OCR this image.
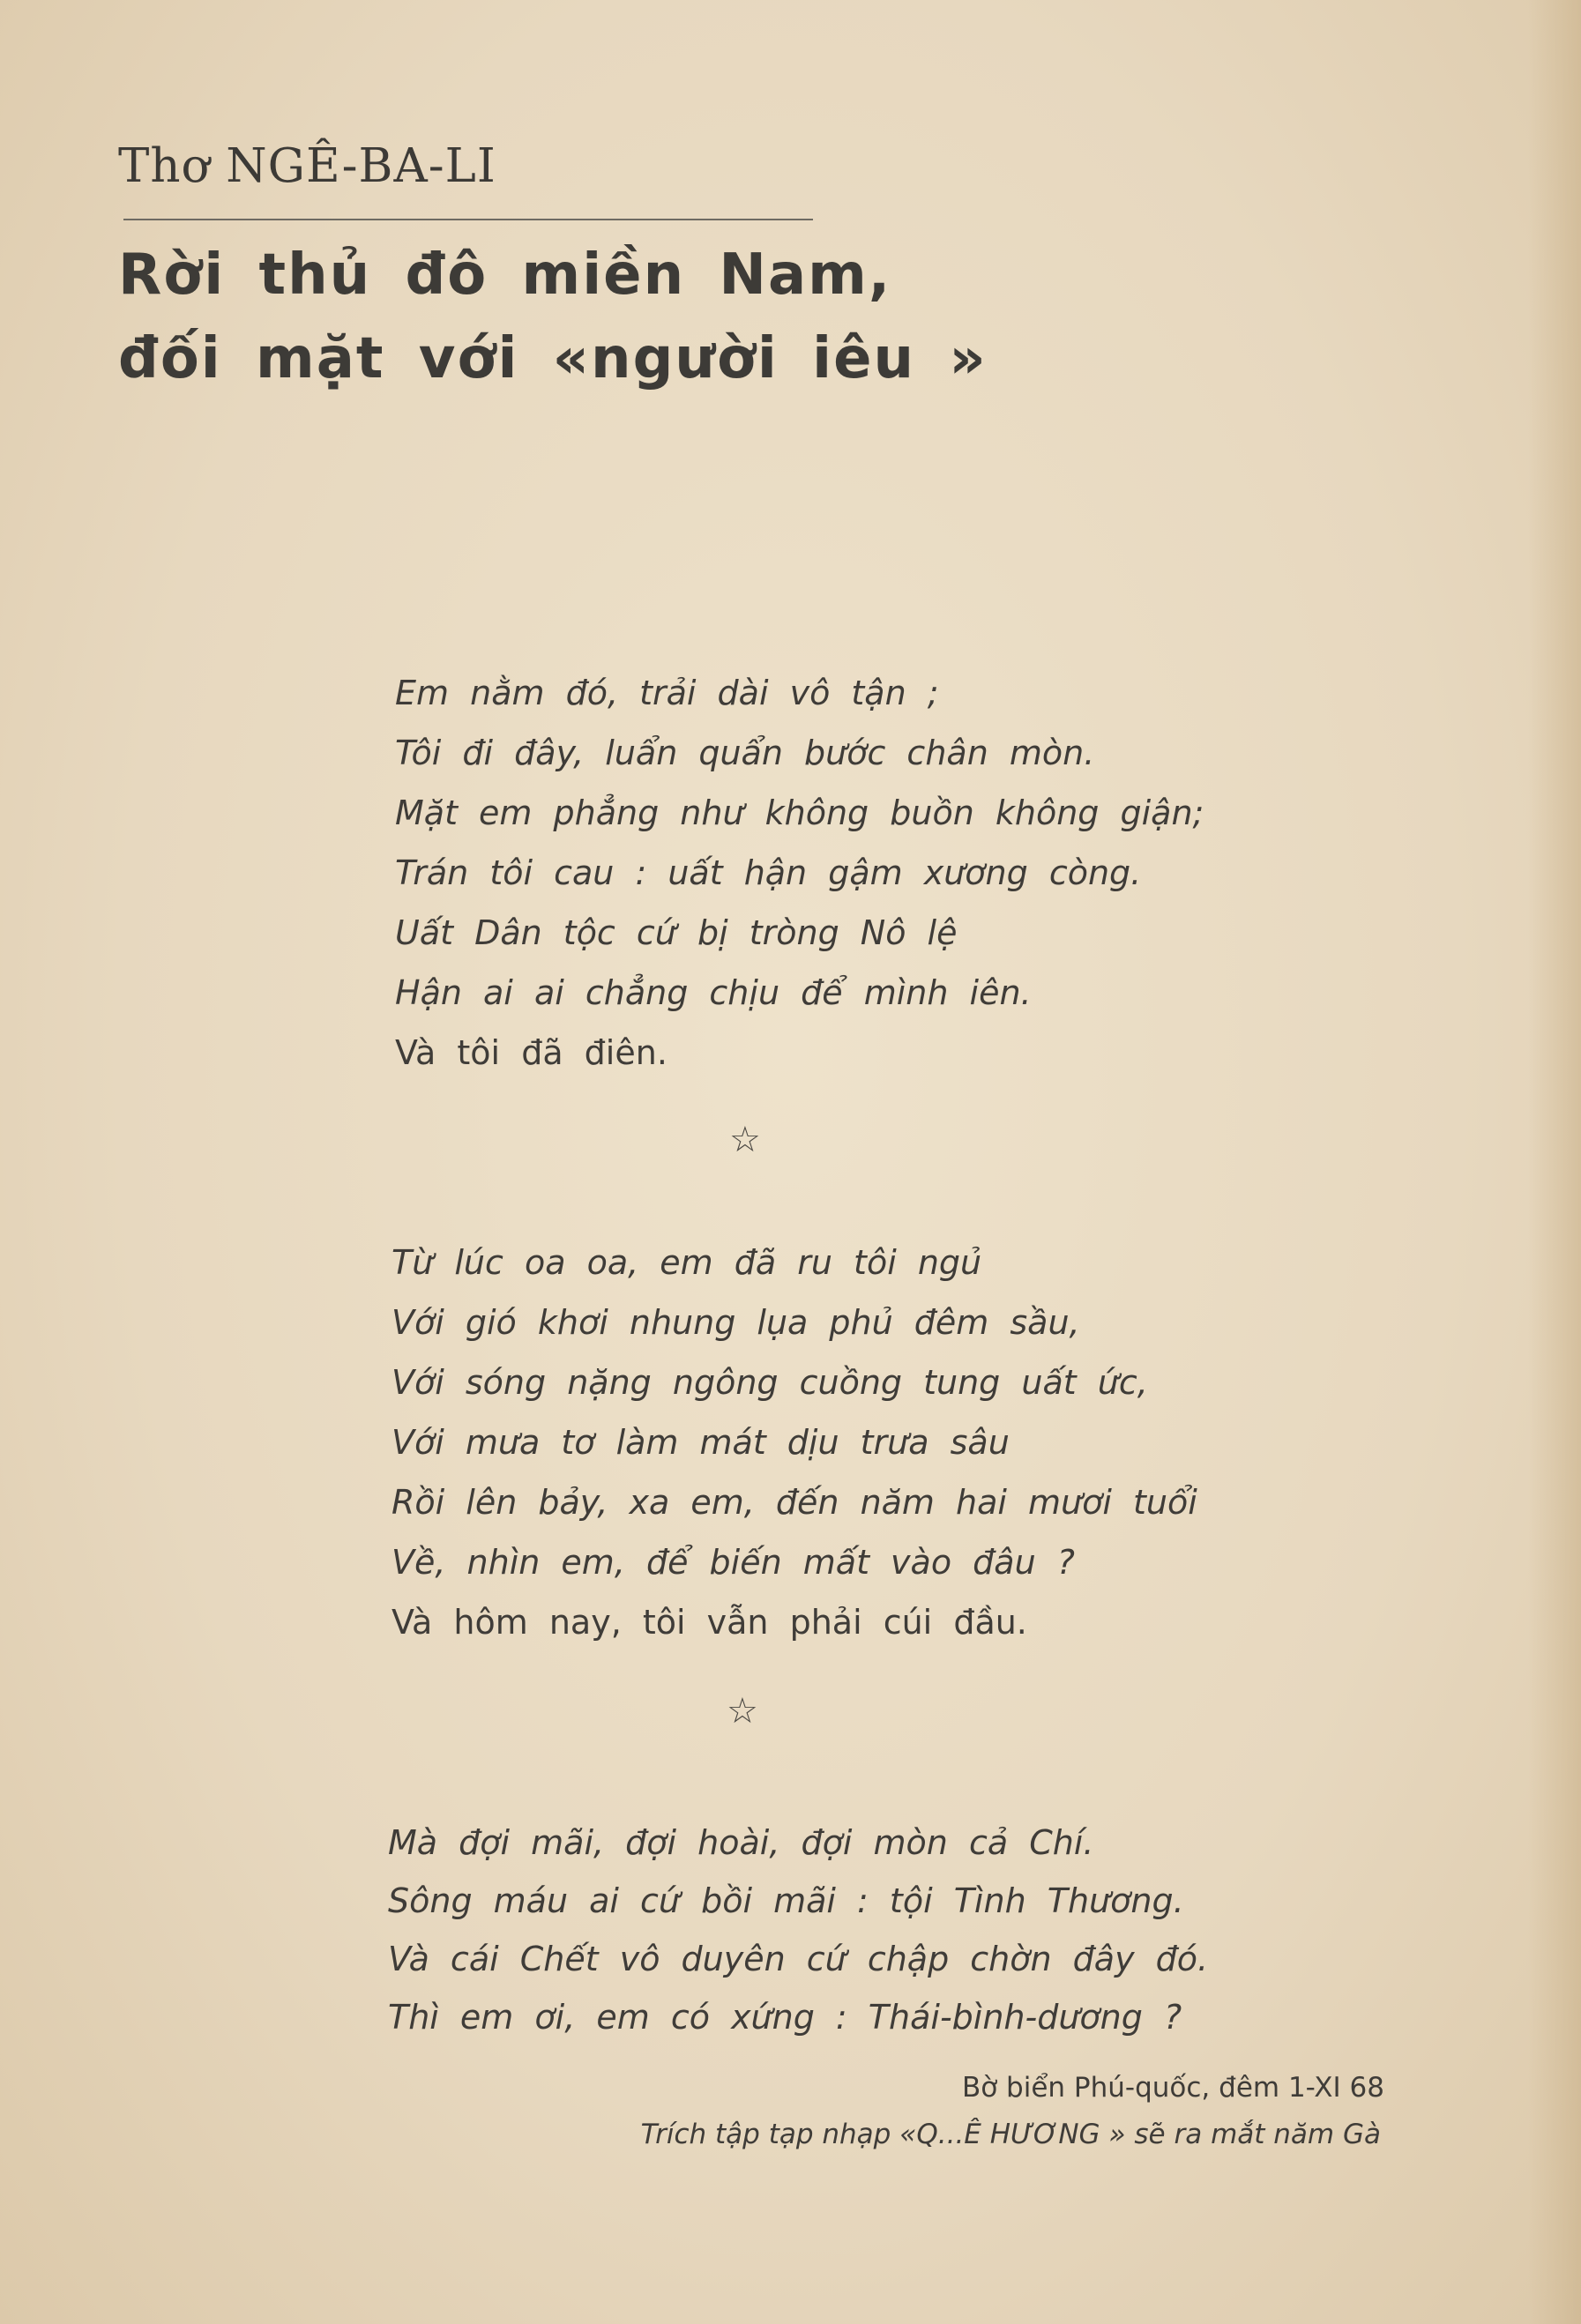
Thơ NGÊ-BA-LI
Rời thủ đô miền Nam,
đối mặt với «người iêu »
Em nằm đó, trải dài vô tận ;
Tôi đi đây, luẩn quẩn bước chân mòn.
Mặt em phẳng như không buồn không giận;
Trán tôi cau : uất hận gậm xương còng.
Uất Dân tộc cứ bị tròng Nô lệ
Hận ai ai chẳng chịu để mình iên.
Và tôi đã điên.
☆
Từ lúc oa oa, em đã ru tôi ngủ
Với gió khơi nhung lụa phủ đêm sầu,
Với sóng nặng ngông cuồng tung uất ức,
Với mưa tơ làm mát dịu trưa sâu
Rồi lên bảy, xa em, đến năm hai mươi tuổi
Về, nhìn em, để biến mất vào đâu ?
Và hôm nay, tôi vẫn phải cúi đầu.
☆
Mà đợi mãi, đợi hoài, đợi mòn cả Chí.
Sông máu ai cứ bồi mãi : tội Tình Thương.
Và cái Chết vô duyên cứ chập chờn đây đó.
Thì em ơi, em có xứng : Thái-bình-dương ?
Bờ biển Phú-quốc, đêm 1-XI 68
Trích tập tạp nhạp «Q...Ê HƯƠNG » sẽ ra mắt năm Gà
